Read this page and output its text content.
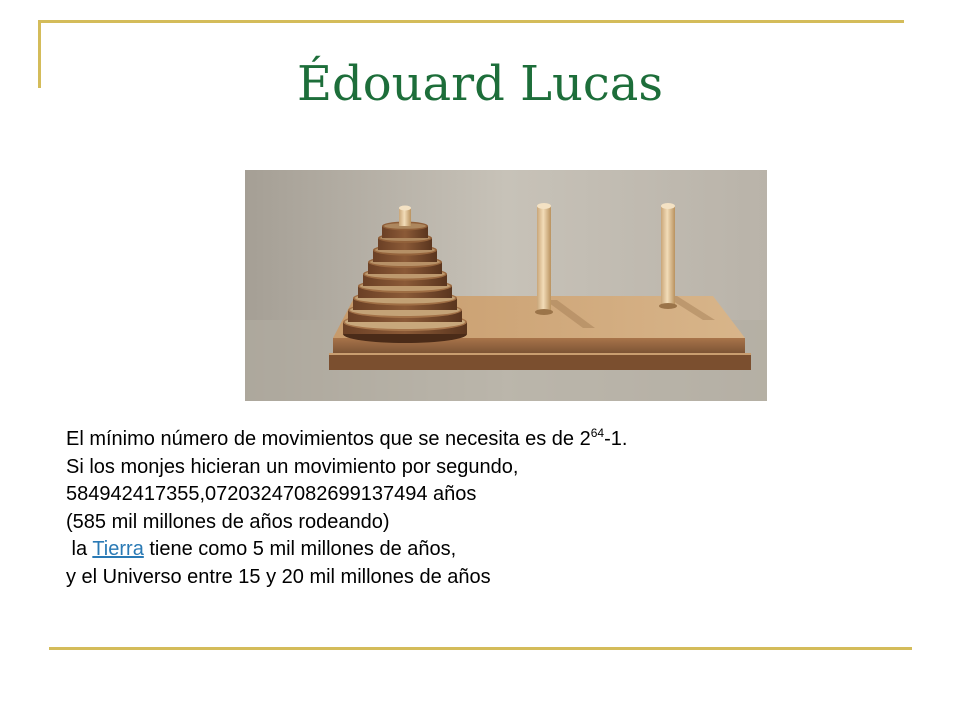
Édouard Lucas
El mínimo número de movimientos que se necesita es de $2^{64}-1$.
Si los monjes hicieran un movimiento por segundo,
584942417355,07203247082699137494 años
(585 mil millones de años rodeando)
la Tierra tiene como 5 mil millones de años,
y el Universo entre 15 y 20 mil millones de años
